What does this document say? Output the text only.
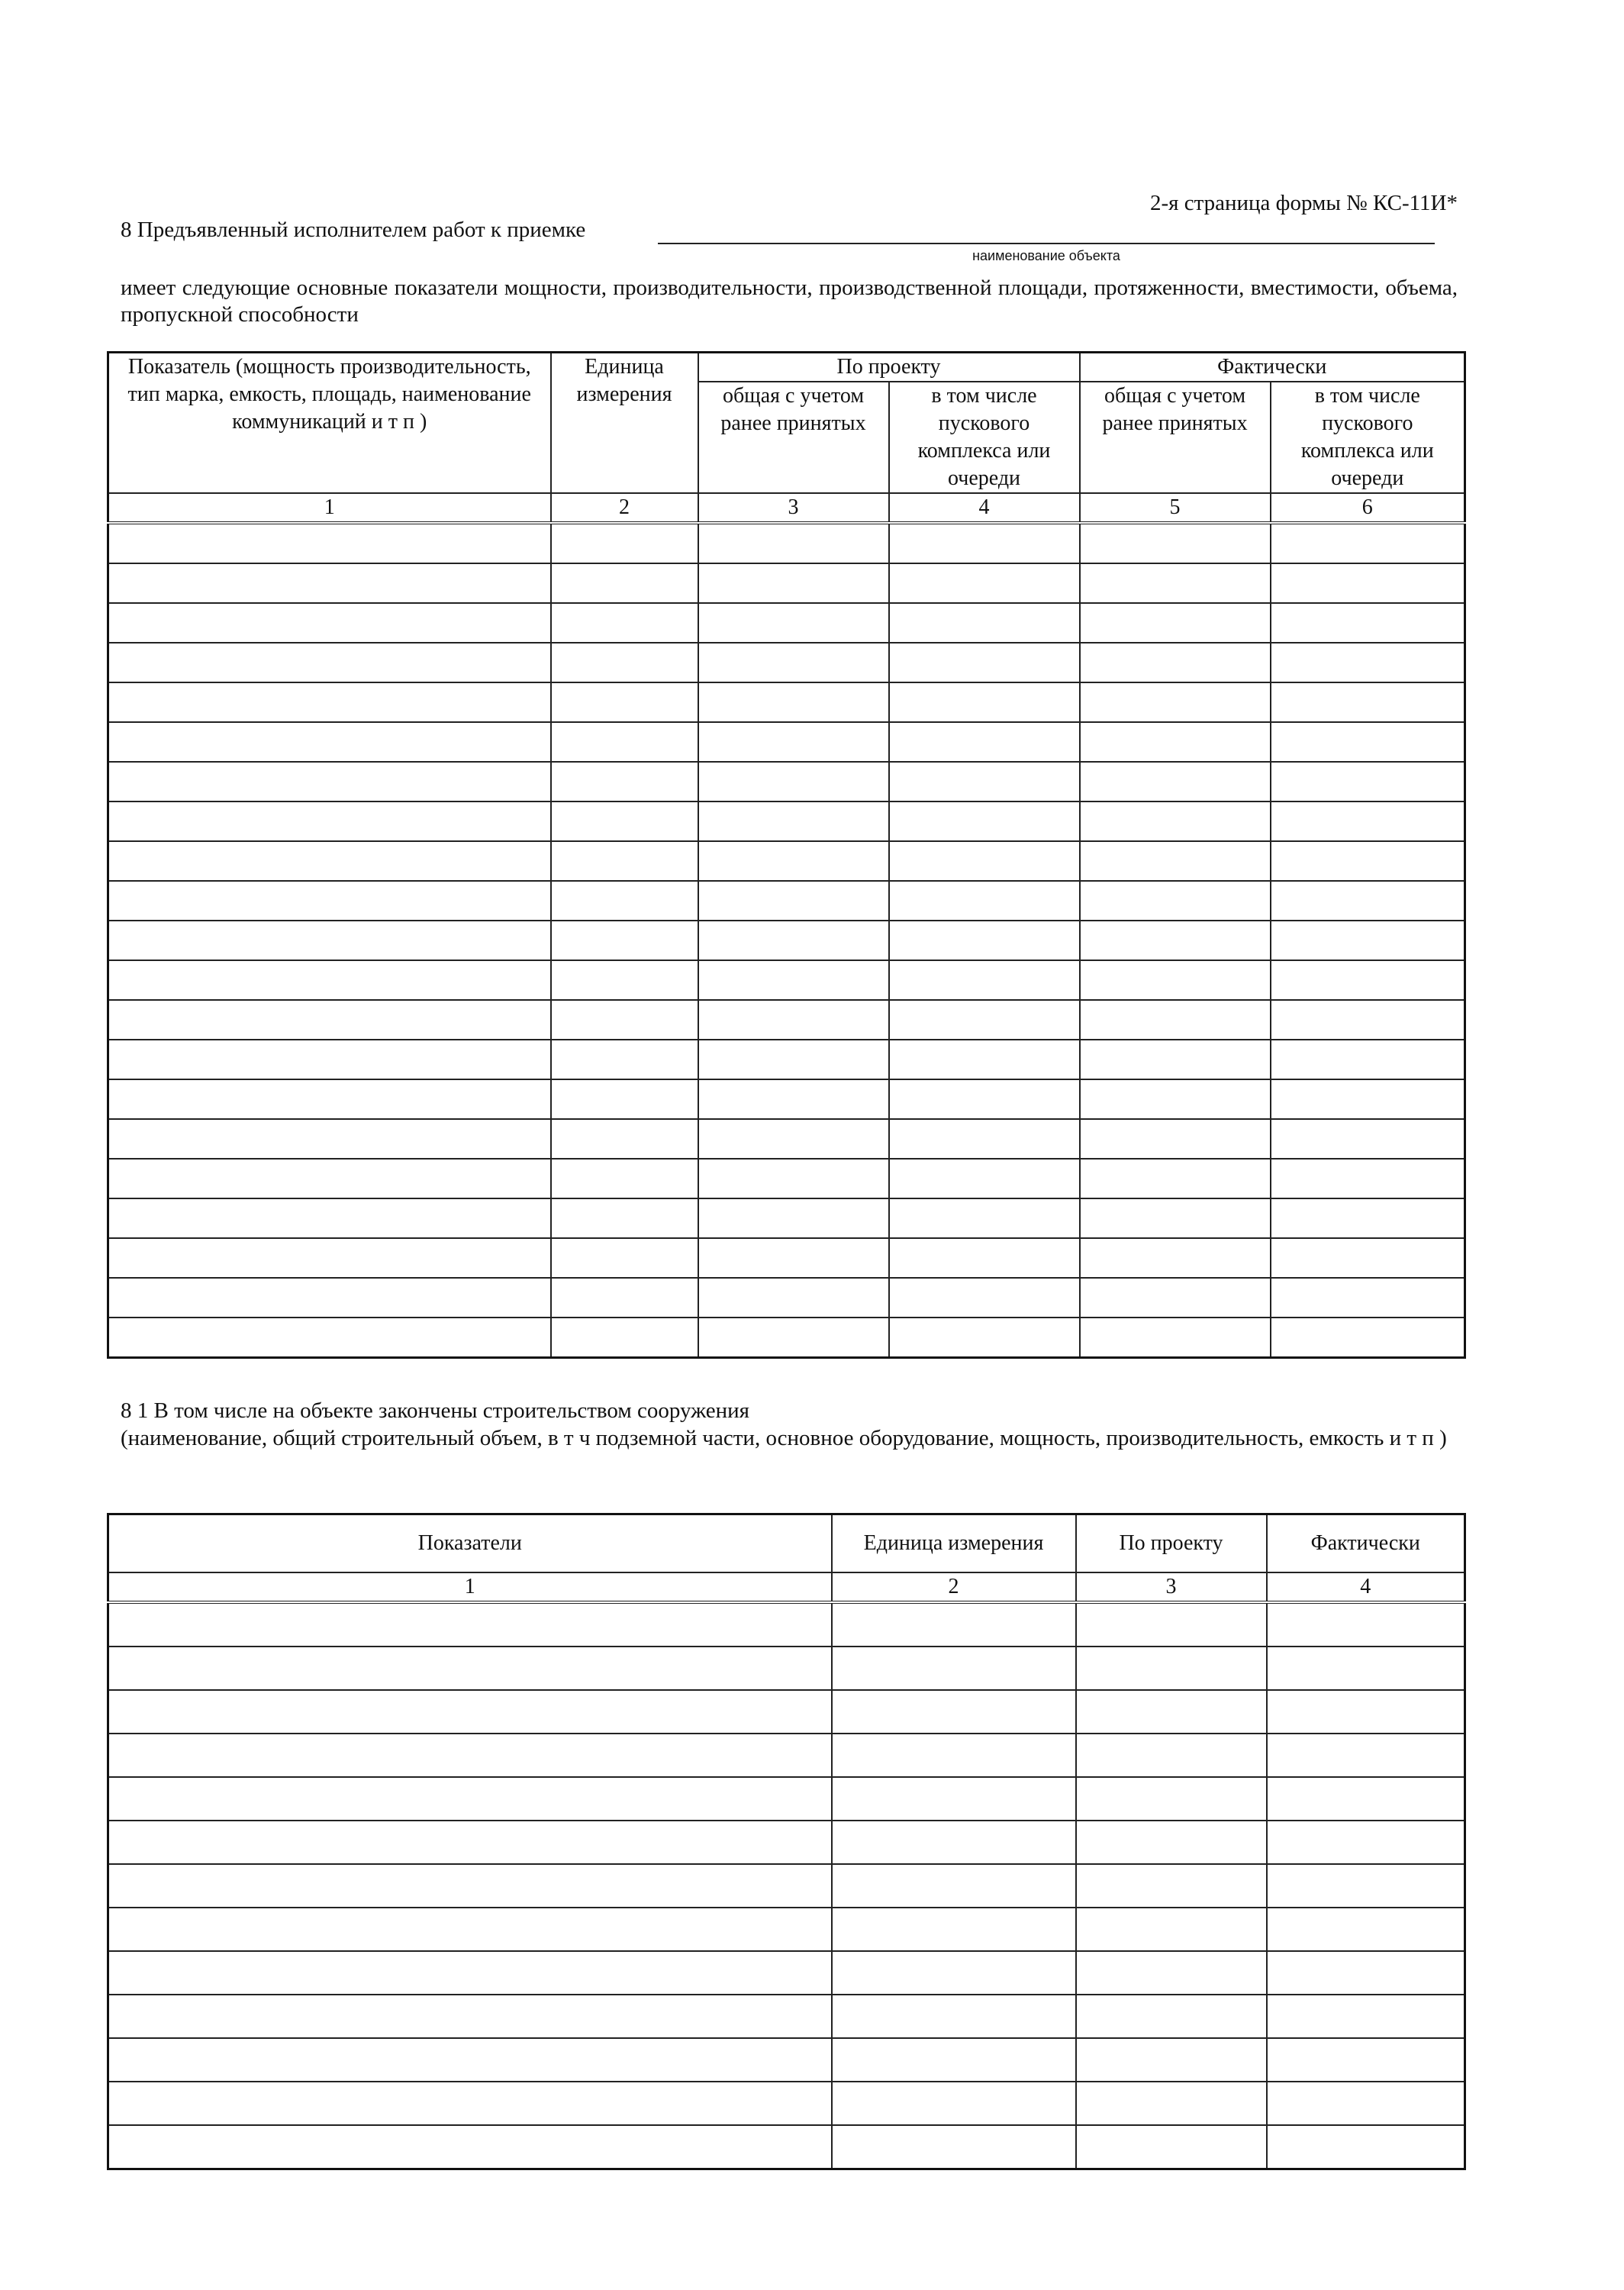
2-я страница формы № КС-11И*
8 Предъявленный исполнителем работ к приемке
наименование объекта
имеет следующие основные показатели мощности, производительности, производственной площади, протяженности, вместимости, объема, пропускной способности
Показатель (мощность производительность, тип марка, емкость, площадь, наименование коммуникаций и т п )	Единица измерения	По проекту		Фактически	
		общая с учетом ранее принятых	в том числе пускового комплекса или очереди	общая с учетом ранее принятых	в том числе пускового комплекса или очереди
1	2	3	4	5	6

8 1 В том числе на объекте закончены строительством сооружения
(наименование, общий строительный объем, в т ч подземной части, основное оборудование, мощность, производительность, емкость и т п )
Показатели	Единица измерения	По проекту	Фактически
1	2	3	4
